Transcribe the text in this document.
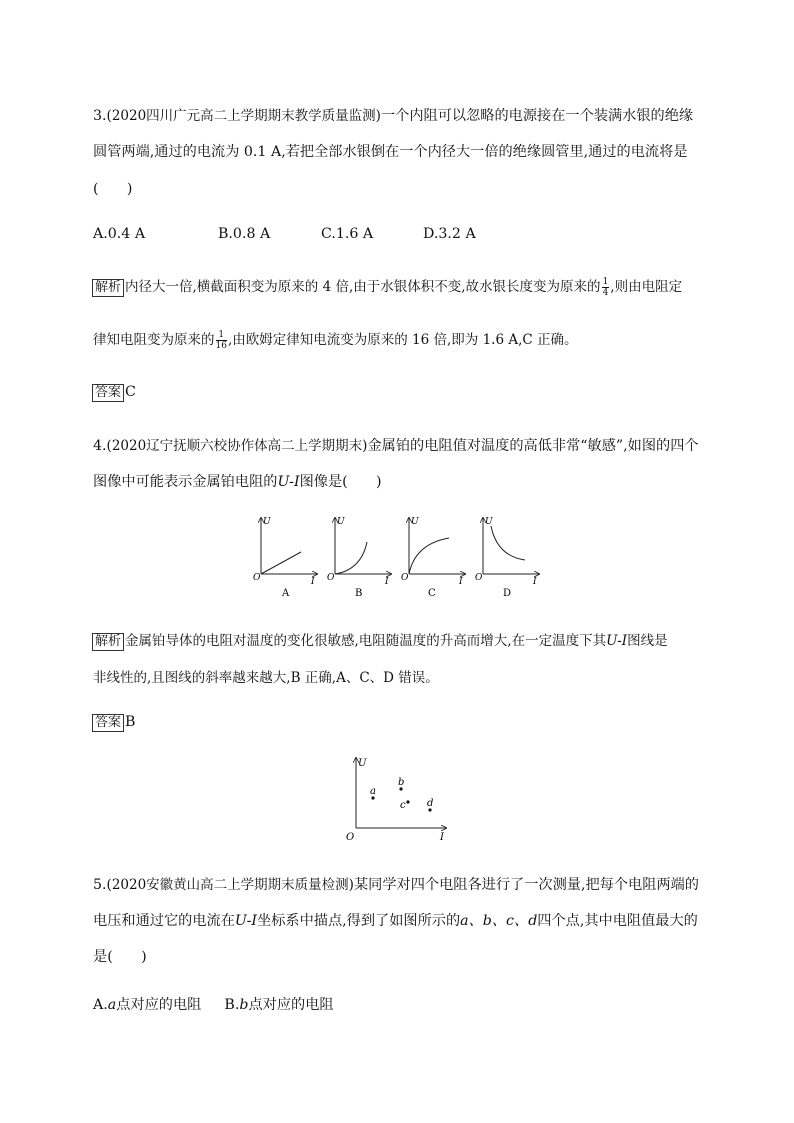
3.(2020四川广元高二上学期期末教学质量监测)一个内阻可以忽略的电源接在一个装满水银的绝缘
圆管两端,通过的电流为 0.1 A,若把全部水银倒在一个内径大一倍的绝缘圆管里,通过的电流将是
(　　)
A.0.4 A	B.0.8 A	C.1.6 A	D.3.2 A
解析 内径大一倍,横截面积变为原来的 4 倍,由于水银体积不变,故水银长度变为原来的 $\frac{1}{4}$ ,则由电阻定
律知电阻变为原来的 $\frac{1}{16}$ ,由欧姆定律知电流变为原来的 16 倍,即为 1.6 A,C 正确。
答案 C
4.(2020辽宁抚顺六校协作体高二上学期期末)金属铂的电阻值对温度的高低非常“敏感”,如图的四个
图像中可能表示金属铂电阻的U-I图像是(　　)
U
O	I
A
U
O	I
B
U
O	I
C
U
O	I
D
解析 金属铂导体的电阻对温度的变化很敏感,电阻随温度的升高而增大,在一定温度下其U-I图线是
非线性的,且图线的斜率越来越大,B 正确,A、C、D 错误。
答案 B
U
O	I
a
b
c d
5.(2020安徽黄山高二上学期期末质量检测)某同学对四个电阻各进行了一次测量,把每个电阻两端的
电压和通过它的电流在U-I坐标系中描点,得到了如图所示的a、b、c、d四个点,其中电阻值最大的
是(　　)
A.a点对应的电阻 B.b点对应的电阻
